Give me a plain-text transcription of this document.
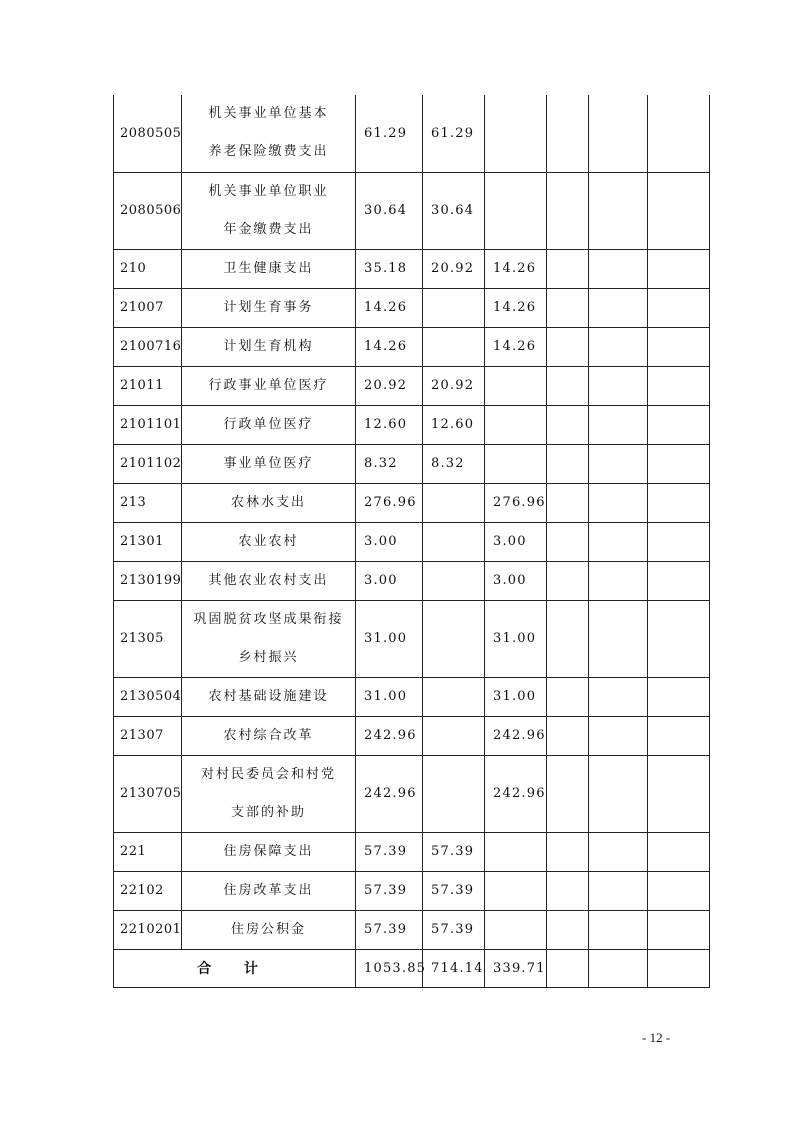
2080505	机关事业单位基本
养老保险缴费支出	61.29	61.29				
2080506	机关事业单位职业
年金缴费支出	30.64	30.64				
210	卫生健康支出	35.18	20.92	14.26			
21007	计划生育事务	14.26		14.26			
2100716	计划生育机构	14.26		14.26			
21011	行政事业单位医疗	20.92	20.92				
2101101	行政单位医疗	12.60	12.60				
2101102	事业单位医疗	8.32	8.32				
213	农林水支出	276.96		276.96			
21301	农业农村	3.00		3.00			
2130199	其他农业农村支出	3.00		3.00			
21305	巩固脱贫攻坚成果衔接
乡村振兴	31.00		31.00			
2130504	农村基础设施建设	31.00		31.00			
21307	农村综合改革	242.96		242.96			
2130705	对村民委员会和村党
支部的补助	242.96		242.96			
221	住房保障支出	57.39	57.39				
22102	住房改革支出	57.39	57.39				
2210201	住房公积金	57.39	57.39				
合 计		1053.85	714.14	339.71			
- 12 -
